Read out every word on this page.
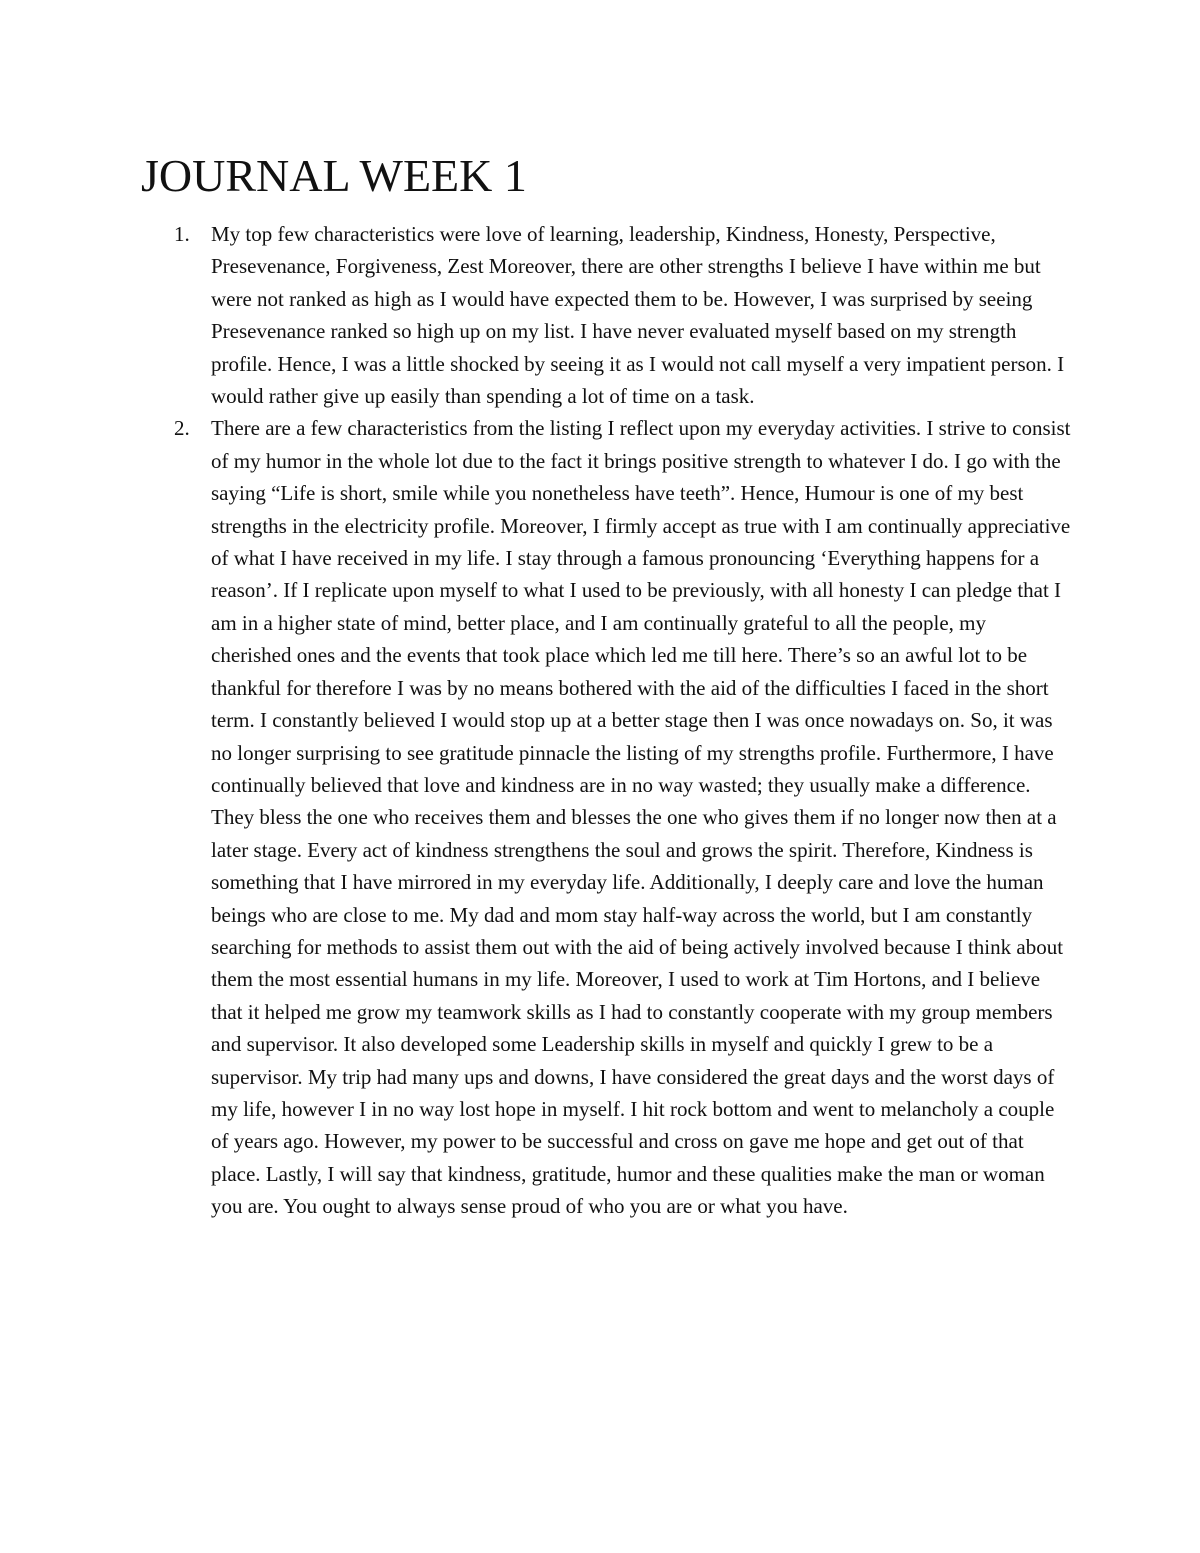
JOURNAL WEEK 1
1.	My top few characteristics were love of learning, leadership, Kindness, Honesty, Perspective, Presevenance, Forgiveness, Zest Moreover, there are other strengths I believe I have within me but were not ranked as high as I would have expected them to be. However, I was surprised by seeing Presevenance ranked so high up on my list. I have never evaluated myself based on my strength profile. Hence, I was a little shocked by seeing it as I would not call myself a very impatient person. I would rather give up easily than spending a lot of time on a task.
2.	There are a few characteristics from the listing I reflect upon my everyday activities. I strive to consist of my humor in the whole lot due to the fact it brings positive strength to whatever I do. I go with the saying “Life is short, smile while you nonetheless have teeth”. Hence, Humour is one of my best strengths in the electricity profile. Moreover, I firmly accept as true with I am continually appreciative of what I have received in my life. I stay through a famous pronouncing ‘Everything happens for a reason’. If I replicate upon myself to what I used to be previously, with all honesty I can pledge that I am in a higher state of mind, better place, and I am continually grateful to all the people, my cherished ones and the events that took place which led me till here. There’s so an awful lot to be thankful for therefore I was by no means bothered with the aid of the difficulties I faced in the short term. I constantly believed I would stop up at a better stage then I was once nowadays on. So, it was no longer surprising to see gratitude pinnacle the listing of my strengths profile. Furthermore, I have continually believed that love and kindness are in no way wasted; they usually make a difference. They bless the one who receives them and blesses the one who gives them if no longer now then at a later stage. Every act of kindness strengthens the soul and grows the spirit. Therefore, Kindness is something that I have mirrored in my everyday life. Additionally, I deeply care and love the human beings who are close to me. My dad and mom stay half-way across the world, but I am constantly searching for methods to assist them out with the aid of being actively involved because I think about them the most essential humans in my life. Moreover, I used to work at Tim Hortons, and I believe that it helped me grow my teamwork skills as I had to constantly cooperate with my group members and supervisor. It also developed some Leadership skills in myself and quickly I grew to be a supervisor. My trip had many ups and downs, I have considered the great days and the worst days of my life, however I in no way lost hope in myself. I hit rock bottom and went to melancholy a couple of years ago. However, my power to be successful and cross on gave me hope and get out of that place. Lastly, I will say that kindness, gratitude, humor and these qualities make the man or woman you are. You ought to always sense proud of who you are or what you have.
